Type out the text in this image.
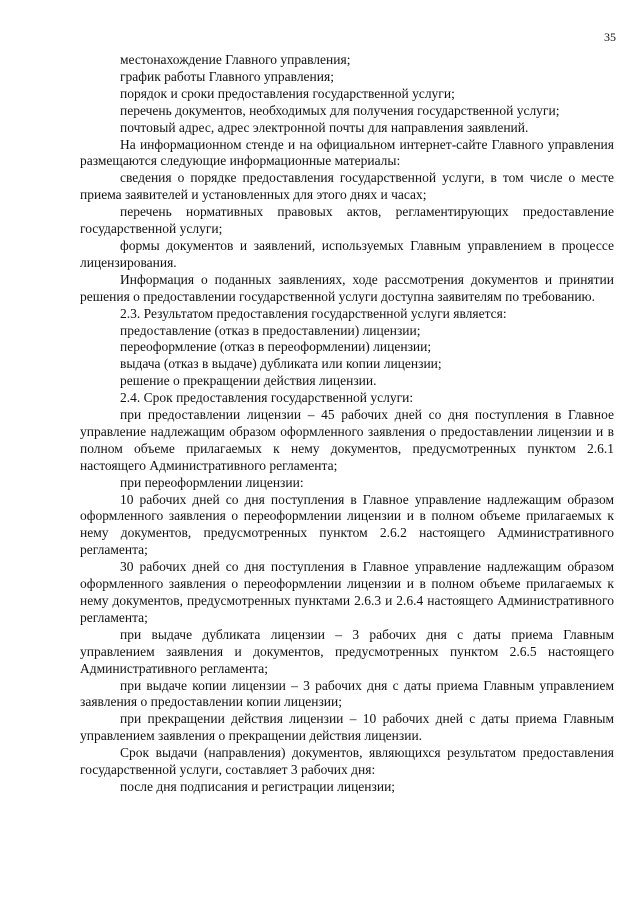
35

местонахождение Главного управления;

график работы Главного управления;

порядок и сроки предоставления государственной услуги;

перечень документов, необходимых для получения государственной услуги;

почтовый адрес, адрес электронной почты для направления заявлений.

На информационном стенде и на официальном интернет-сайте Главного управления размещаются следующие информационные материалы:

сведения о порядке предоставления государственной услуги, в том числе о месте приема заявителей и установленных для этого днях и часах;

перечень нормативных правовых актов, регламентирующих предоставление государственной услуги;

формы документов и заявлений, используемых Главным управлением в процессе лицензирования.

Информация о поданных заявлениях, ходе рассмотрения документов и принятии решения о предоставлении государственной услуги доступна заявителям по требованию.

2.3. Результатом предоставления государственной услуги является:

предоставление (отказ в предоставлении) лицензии;

переоформление (отказ в переоформлении) лицензии;

выдача (отказ в выдаче) дубликата или копии лицензии;

решение о прекращении действия лицензии.

2.4. Срок предоставления государственной услуги:

при предоставлении лицензии – 45 рабочих дней со дня поступления в Главное управление надлежащим образом оформленного заявления о предоставлении лицензии и в полном объеме прилагаемых к нему документов, предусмотренных пунктом 2.6.1 настоящего Административного регламента;

при переоформлении лицензии:

10 рабочих дней со дня поступления в Главное управление надлежащим образом оформленного заявления о переоформлении лицензии и в полном объеме прилагаемых к нему документов, предусмотренных пунктом 2.6.2 настоящего Административного регламента;

30 рабочих дней со дня поступления в Главное управление надлежащим образом оформленного заявления о переоформлении лицензии и в полном объеме прилагаемых к нему документов, предусмотренных пунктами 2.6.3 и 2.6.4 настоящего Административного регламента;

при выдаче дубликата лицензии – 3 рабочих дня с даты приема Главным управлением заявления и документов, предусмотренных пунктом 2.6.5 настоящего Административного регламента;

при выдаче копии лицензии – 3 рабочих дня с даты приема Главным управлением заявления о предоставлении копии лицензии;

при прекращении действия лицензии – 10 рабочих дней с даты приема Главным управлением заявления о прекращении действия лицензии.

Срок выдачи (направления) документов, являющихся результатом предоставления государственной услуги, составляет 3 рабочих дня:

после дня подписания и регистрации лицензии;
